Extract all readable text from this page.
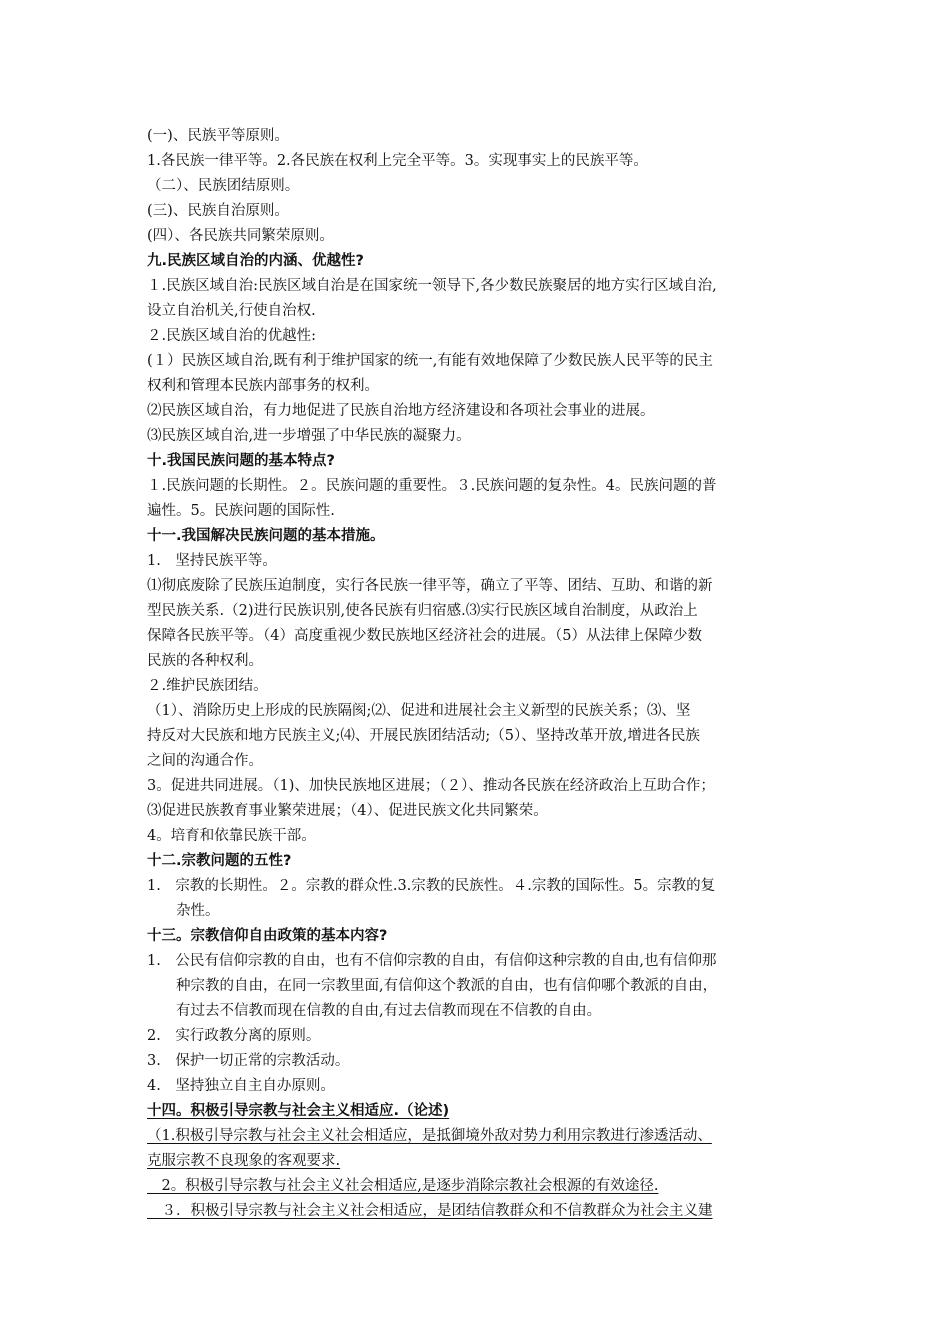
(一)、民族平等原则。
1.各民族一律平等。2.各民族在权利上完全平等。3。实现事实上的民族平等。
（二）、民族团结原则。
(三)、民族自治原则。
(四）、各民族共同繁荣原则。
九.民族区域自治的内涵、优越性?
１.民族区域自治:民族区域自治是在国家统一领导下,各少数民族聚居的地方实行区域自治,
设立自治机关,行使自治权.
２.民族区域自治的优越性:
(１）民族区域自治,既有利于维护国家的统一,有能有效地保障了少数民族人民平等的民主
权利和管理本民族内部事务的权利。
⑵民族区域自治，有力地促进了民族自治地方经济建设和各项社会事业的进展。
⑶民族区域自治,进一步增强了中华民族的凝聚力。
十.我国民族问题的基本特点?
１.民族问题的长期性。２。民族问题的重要性。３.民族问题的复杂性。4。民族问题的普
遍性。5。民族问题的国际性.
十一.我国解决民族问题的基本措施。
1.　坚持民族平等。
⑴彻底废除了民族压迫制度，实行各民族一律平等，确立了平等、团结、互助、和谐的新
型民族关系.（2)进行民族识别,使各民族有归宿感.⑶实行民族区域自治制度，从政治上
保障各民族平等。（4）高度重视少数民族地区经济社会的进展。（5）从法律上保障少数
民族的各种权利。
２.维护民族团结。
（1）、消除历史上形成的民族隔阂;⑵、促进和进展社会主义新型的民族关系；⑶、坚
持反对大民族和地方民族主义;⑷、开展民族团结活动;（5）、坚持改革开放,增进各民族
之间的沟通合作。
3。促进共同进展。（1)、加快民族地区进展；（２）、推动各民族在经济政治上互助合作；
⑶促进民族教育事业繁荣进展；（4）、促进民族文化共同繁荣。
4。培育和依靠民族干部。
十二.宗教问题的五性?
1.　宗教的长期性。２。宗教的群众性.3.宗教的民族性。４.宗教的国际性。5。宗教的复
　　杂性。
十三。宗教信仰自由政策的基本内容?
1.　公民有信仰宗教的自由，也有不信仰宗教的自由，有信仰这种宗教的自由,也有信仰那
　　种宗教的自由，在同一宗教里面,有信仰这个教派的自由，也有信仰哪个教派的自由，
　　有过去不信教而现在信教的自由,有过去信教而现在不信教的自由。
2.　实行政教分离的原则。
3.　保护一切正常的宗教活动。
4.　坚持独立自主自办原则。
十四。积极引导宗教与社会主义相适应.（论述)
（1.积极引导宗教与社会主义社会相适应，是抵御境外敌对势力利用宗教进行渗透活动、
克服宗教不良现象的客观要求.
　2。积极引导宗教与社会主义社会相适应,是逐步消除宗教社会根源的有效途径.
　３．积极引导宗教与社会主义社会相适应，是团结信教群众和不信教群众为社会主义建
